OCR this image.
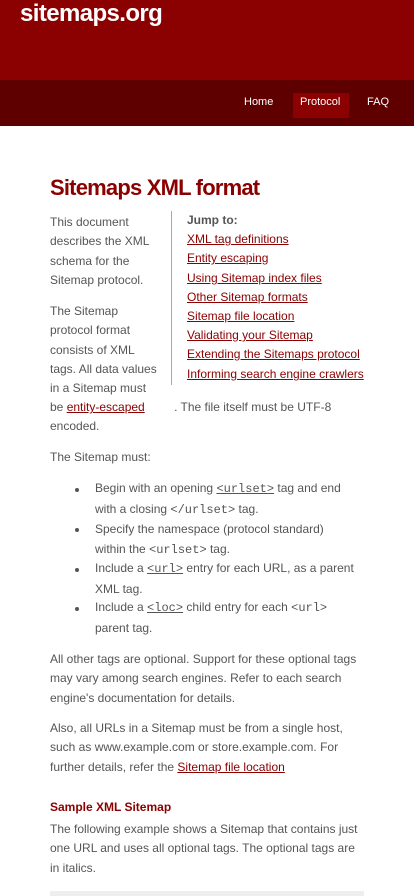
sitemaps.org
Home	Protocol	FAQ
Sitemaps XML format
This document describes the XML schema for the Sitemap protocol.
Jump to:
XML tag definitions
Entity escaping
Using Sitemap index files
Other Sitemap formats
Sitemap file location
Validating your Sitemap
Extending the Sitemaps protocol
Informing search engine crawlers
The Sitemap protocol format consists of XML tags. All data values in a Sitemap must be entity-escaped	. The file itself must be UTF-8 encoded.
The Sitemap must:
Begin with an opening <urlset> tag and end with a closing </urlset> tag.
Specify the namespace (protocol standard) within the <urlset> tag.
Include a <url> entry for each URL, as a parent XML tag.
Include a <loc> child entry for each <url> parent tag.
All other tags are optional. Support for these optional tags may vary among search engines. Refer to each search engine's documentation for details.
Also, all URLs in a Sitemap must be from a single host, such as www.example.com or store.example.com. For further details, refer the Sitemap file location
Sample XML Sitemap
The following example shows a Sitemap that contains just one URL and uses all optional tags. The optional tags are in italics.
